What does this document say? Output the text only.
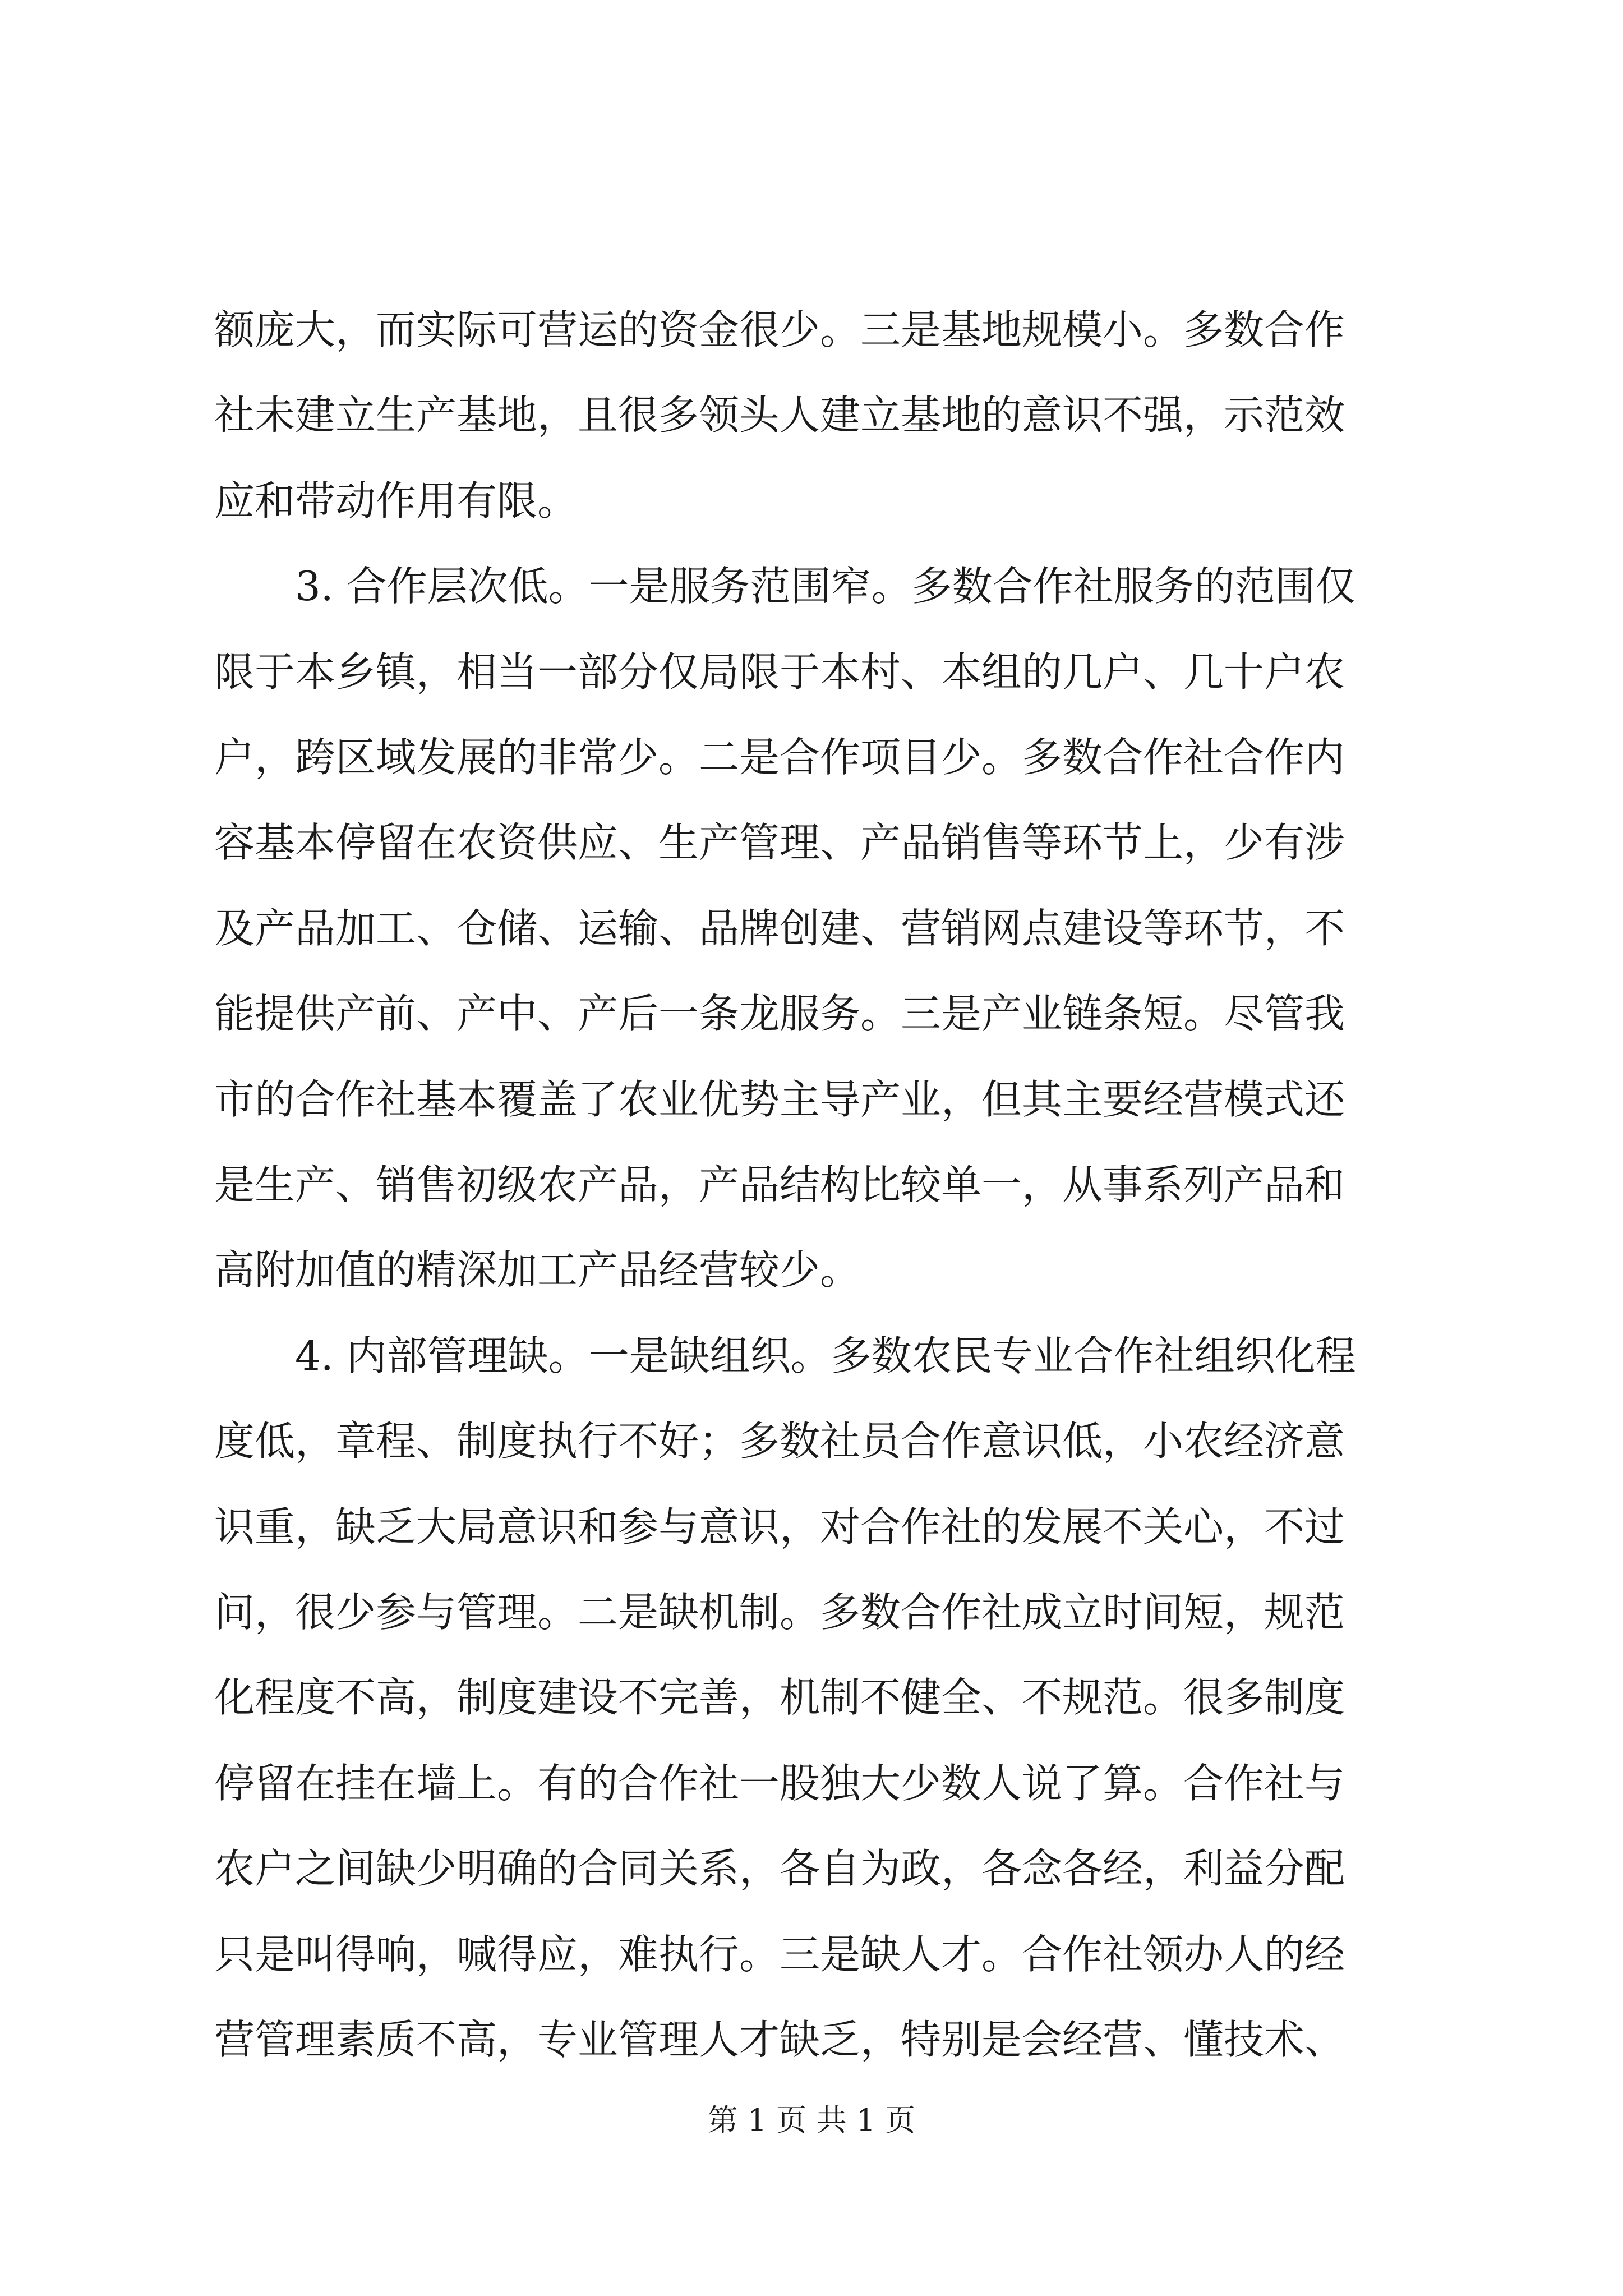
额庞大，而实际可营运的资金很少。三是基地规模小。多数合作
社未建立生产基地，且很多领头人建立基地的意识不强，示范效
应和带动作用有限。
3. 合作层次低。一是服务范围窄。多数合作社服务的范围仅
限于本乡镇，相当一部分仅局限于本村、本组的几户、几十户农
户，跨区域发展的非常少。二是合作项目少。多数合作社合作内
容基本停留在农资供应、生产管理、产品销售等环节上，少有涉
及产品加工、仓储、运输、品牌创建、营销网点建设等环节，不
能提供产前、产中、产后一条龙服务。三是产业链条短。尽管我
市的合作社基本覆盖了农业优势主导产业，但其主要经营模式还
是生产、销售初级农产品，产品结构比较单一，从事系列产品和
高附加值的精深加工产品经营较少。
4. 内部管理缺。一是缺组织。多数农民专业合作社组织化程
度低，章程、制度执行不好；多数社员合作意识低，小农经济意
识重，缺乏大局意识和参与意识，对合作社的发展不关心，不过
问，很少参与管理。二是缺机制。多数合作社成立时间短，规范
化程度不高，制度建设不完善，机制不健全、不规范。很多制度
停留在挂在墙上。有的合作社一股独大少数人说了算。合作社与
农户之间缺少明确的合同关系，各自为政，各念各经，利益分配
只是叫得响，喊得应，难执行。三是缺人才。合作社领办人的经
营管理素质不高，专业管理人才缺乏，特别是会经营、懂技术、
第 1 页 共 1 页
